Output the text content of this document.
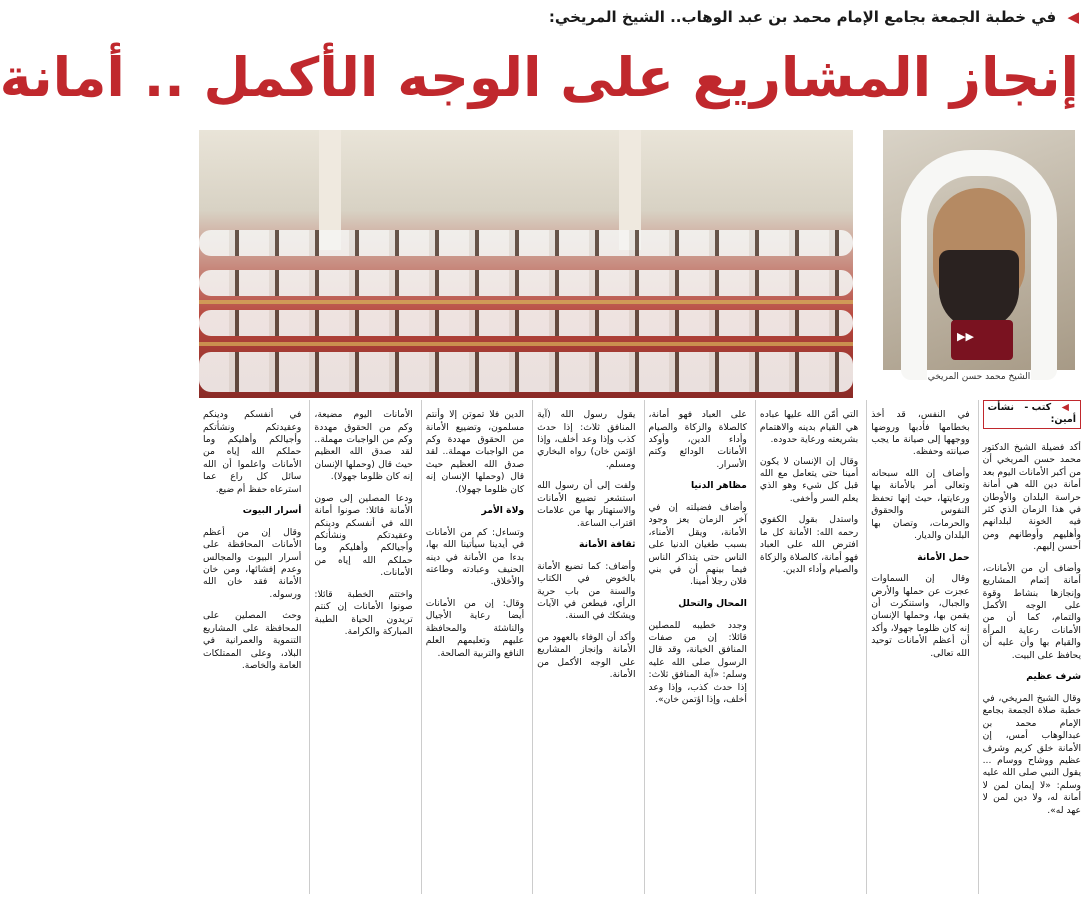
◀ في خطبة الجمعة بجامع الإمام محمد بن عبد الوهاب.. الشيخ المريخي:
إنجاز المشاريع على الوجه الأكمل .. أمانة
▶▶
الشيخ محمد حسن المريخي
◀ كتب - نشأت أمين:

أكد فضيلة الشيخ الدكتور محمد حسن المريخي أن من أكبر الأمانات اليوم بعد أمانة دين الله هي أمانة حراسة البلدان والأوطان في هذا الزمان الذي كثر فيه الخونة لبلدانهم وأهليهم وأوطانهم ومن أحسن إليهم.

وأضاف أن من الأمانات، أمانة إتمام المشاريع وإنجازها بنشاط وقوة على الوجه الأكمل والتمام، كما أن من الأمانات رعاية المرأة والقيام بها وأن عليه أن يحافظ على البيت.

شرف عظيم

وقال الشيخ المريخي، في خطبة صلاة الجمعة بجامع الإمام محمد بن عبدالوهاب أمس، إن الأمانة خلق كريم وشرف عظيم ووشاح ووسام ... يقول النبي صلى الله عليه وسلم: «لا إيمان لمن لا أمانة له، ولا دين لمن لا عهد له».

في النفس، قد أخذ بخطامها فأدبها وروضها ووجهها إلى صيانة ما يجب صيانته وحفظه.

وأضاف إن الله سبحانه وتعالى أمر بالأمانة بها ورعايتها، حيث إنها تحفظ النفوس والحقوق والحرمات، وتصان بها البلدان والديار.

حمل الأمانة

وقال إن السماوات عجزت عن حملها والأرض والجبال، واستنكرت أن يقمن بها، وحملها الإنسان إنه كان ظلوما جهولا، وأكد أن أعظم الأمانات توحيد الله تعالى.

التي أمّن الله عليها عباده هي القيام بدينه والاهتمام بشريعته ورعاية حدوده.

وقال إن الإنسان لا يكون أمينا حتى يتعامل مع الله قبل كل شيء وهو الذي يعلم السر وأخفى.

واستدل بقول الكفوي رحمه الله: الأمانة كل ما افترض الله على العباد فهو أمانة، كالصلاة والزكاة والصيام وأداء الدين.

على العباد فهو أمانة، كالصلاة والزكاة والصيام وأداء الدين، وأوكد الأمانات الودائع وكتم الأسرار.

مظاهر الدنيا

وأضاف فضيلته إن في آخر الزمان يعز وجود الأمانة، ويقل الأمناء، بسبب طغيان الدنيا على الناس حتى يتذاكر الناس فيما بينهم أن في بني فلان رجلا أمينا.

المحال والتحلل

وجدد خطيبه للمصلين قائلا: إن من صفات المنافق الخيانة، وقد قال الرسول صلى الله عليه وسلم: «آية المنافق ثلاث: إذا حدث كذب، وإذا وعد أخلف، وإذا اؤتمن خان».

يقول رسول الله (آية المنافق ثلاث: إذا حدث كذب وإذا وعد أخلف، وإذا اؤتمن خان) رواه البخاري ومسلم.

ولفت إلى أن رسول الله استشعر تضييع الأمانات والاستهتار بها من علامات اقتراب الساعة.

ثقافة الأمانة

وأضاف: كما تضيع الأمانة بالخوض في الكتاب والسنة من باب حرية الرأي، فيطعن في الآيات ويشكك في السنة.

وأكد أن الوفاء بالعهود من الأمانة وإنجاز المشاريع على الوجه الأكمل من الأمانة.

الدين فلا تموتن إلا وأنتم مسلمون، وتضييع الأمانة من الحقوق مهددة وكم من الواجبات مهملة.. لقد صدق الله العظيم حيث قال (وحملها الإنسان إنه كان ظلوما جهولا).

ولاة الأمر

وتساءل: كم من الأمانات في أيدينا سيأتينا الله بها، بدءا من الأمانة في دينه الحنيف وعبادته وطاعته والأخلاق.

وقال: إن من الأمانات أيضا رعاية الأجيال والناشئة والمحافظة عليهم وتعليمهم العلم النافع والتربية الصالحة.

الأمانات اليوم مضيعة، وكم من الحقوق مهددة وكم من الواجبات مهملة.. لقد صدق الله العظيم حيث قال (وحملها الإنسان إنه كان ظلوما جهولا).

ودعا المصلين إلى صون الأمانة قائلا: صونوا أمانة الله في أنفسكم ودينكم وعقيدتكم ونشأتكم وأجيالكم وأهليكم وما حملكم الله إياه من الأمانات.

واختتم الخطبة قائلا: صونوا الأمانات إن كنتم تريدون الحياة الطيبة المباركة والكرامة.

في أنفسكم ودينكم وعقيدتكم ونشأتكم وأجيالكم وأهليكم وما حملكم الله إياه من الأمانات واعلموا أن الله سائل كل راع عما استرعاه حفظ أم ضيع.

أسرار البيوت

وقال إن من أعظم الأمانات المحافظة على أسرار البيوت والمجالس وعدم إفشائها، ومن خان الأمانة فقد خان الله ورسوله.

وحث المصلين على المحافظة على المشاريع التنموية والعمرانية في البلاد، وعلى الممتلكات العامة والخاصة.
